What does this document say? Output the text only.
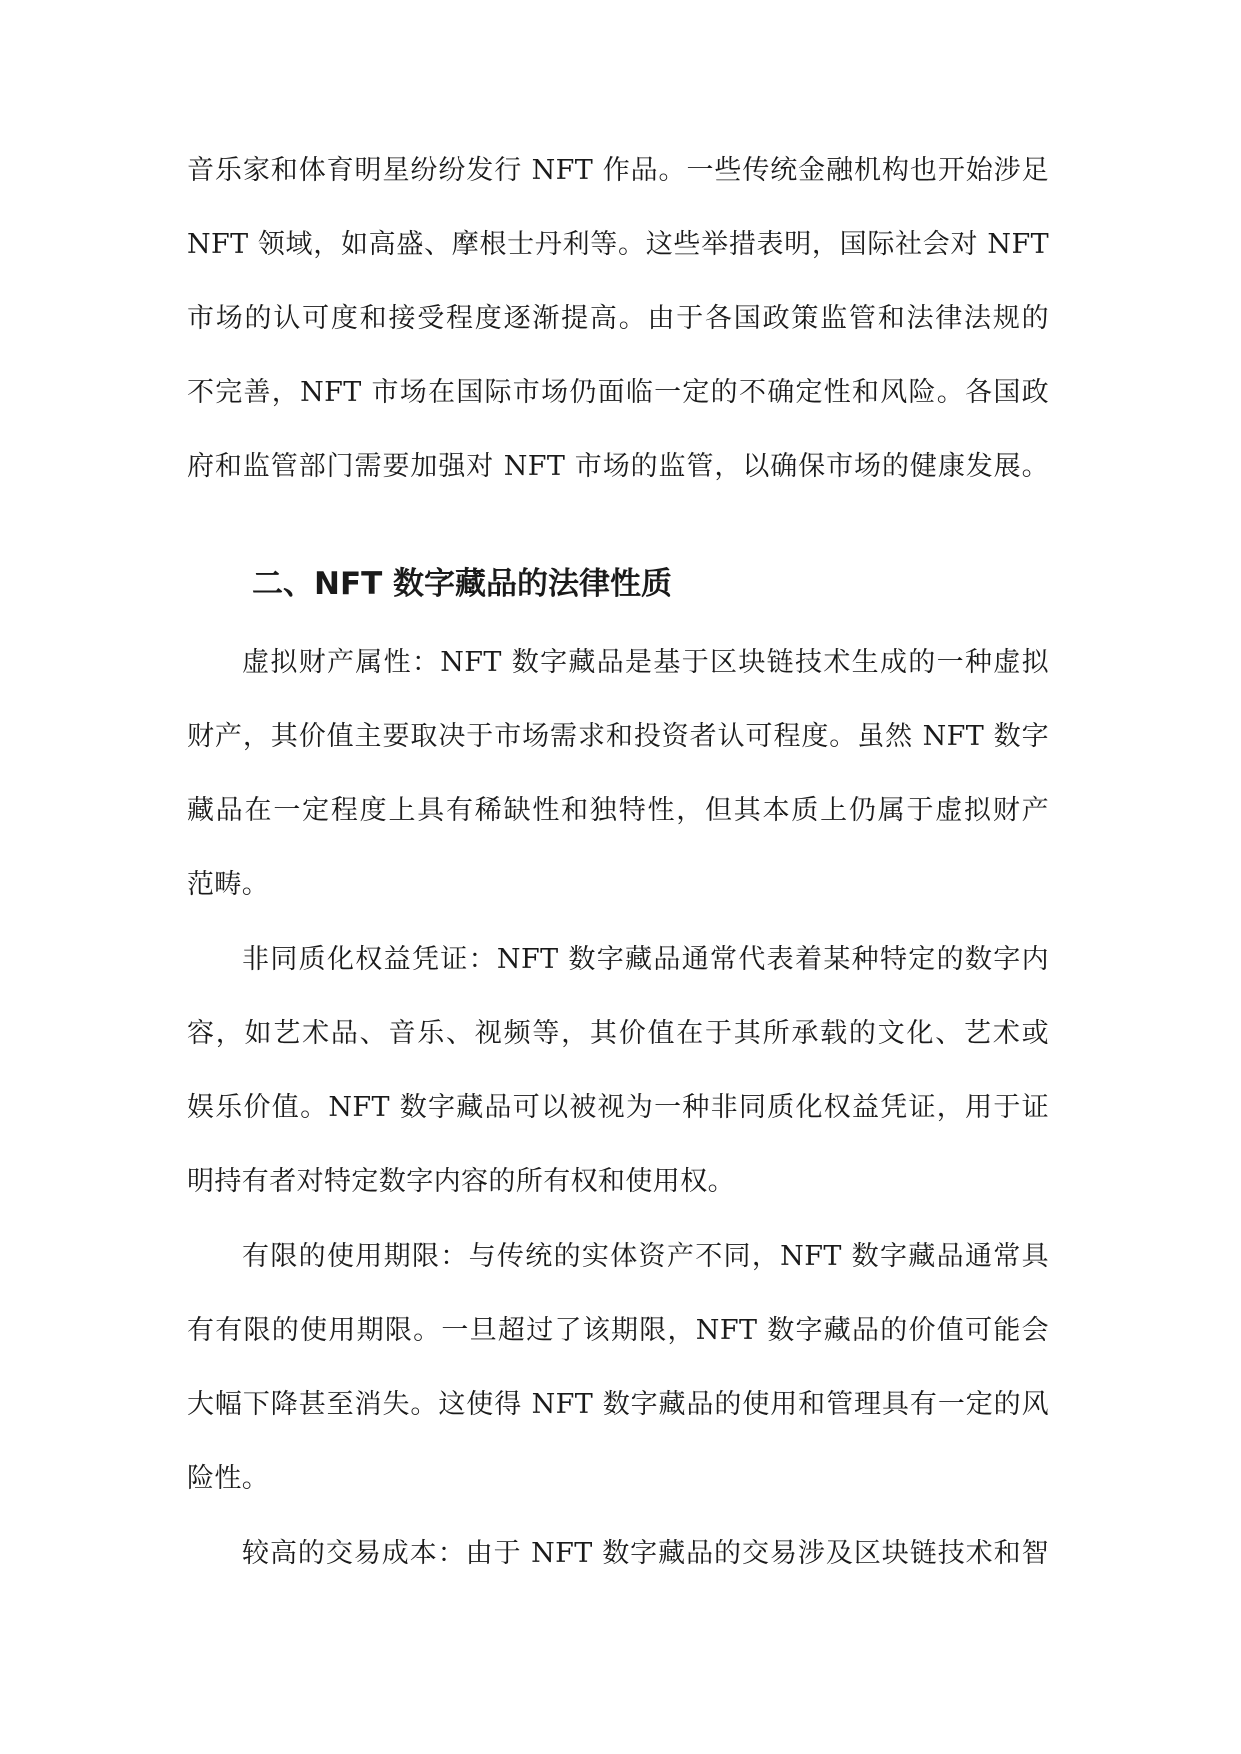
音乐家和体育明星纷纷发行 NFT 作品。一些传统金融机构也开始涉足
NFT 领域，如高盛、摩根士丹利等。这些举措表明，国际社会对 NFT
市场的认可度和接受程度逐渐提高。由于各国政策监管和法律法规的
不完善，NFT 市场在国际市场仍面临一定的不确定性和风险。各国政
府和监管部门需要加强对 NFT 市场的监管，以确保市场的健康发展。
二、NFT 数字藏品的法律性质
虚拟财产属性：NFT 数字藏品是基于区块链技术生成的一种虚拟
财产，其价值主要取决于市场需求和投资者认可程度。虽然 NFT 数字
藏品在一定程度上具有稀缺性和独特性，但其本质上仍属于虚拟财产
范畴。
非同质化权益凭证：NFT 数字藏品通常代表着某种特定的数字内
容，如艺术品、音乐、视频等，其价值在于其所承载的文化、艺术或
娱乐价值。NFT 数字藏品可以被视为一种非同质化权益凭证，用于证
明持有者对特定数字内容的所有权和使用权。
有限的使用期限：与传统的实体资产不同，NFT 数字藏品通常具
有有限的使用期限。一旦超过了该期限，NFT 数字藏品的价值可能会
大幅下降甚至消失。这使得 NFT 数字藏品的使用和管理具有一定的风
险性。
较高的交易成本：由于 NFT 数字藏品的交易涉及区块链技术和智
